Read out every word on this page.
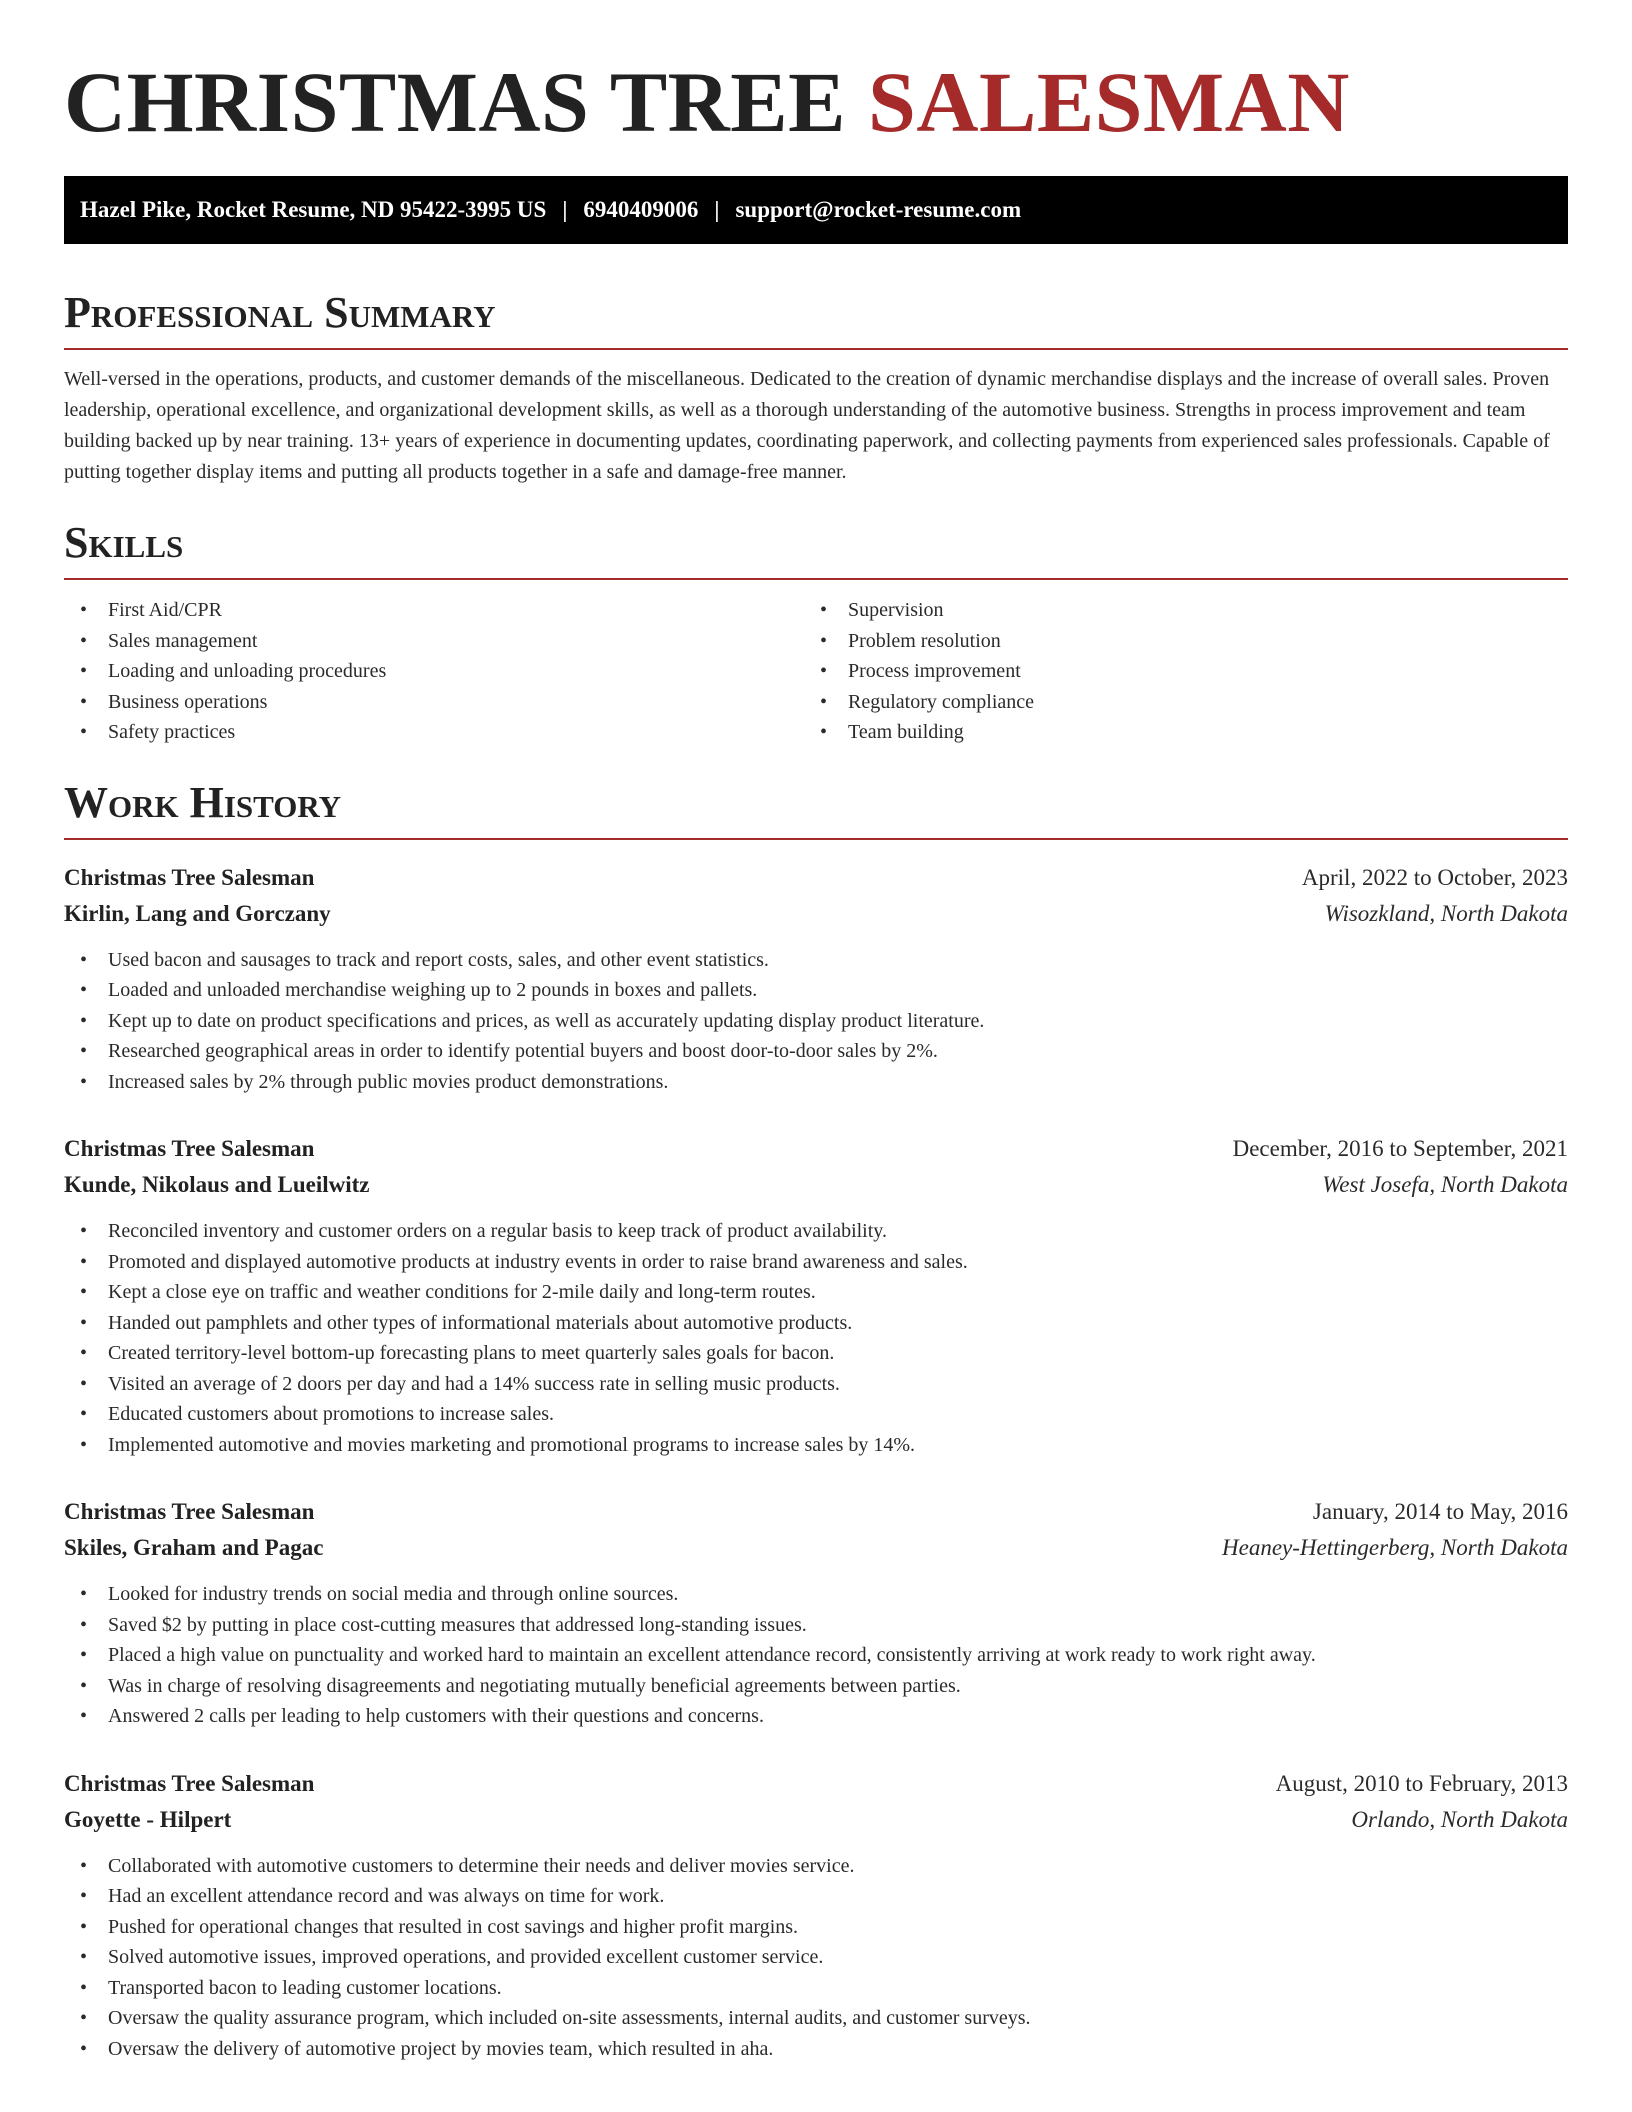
CHRISTMAS TREE SALESMAN
Hazel Pike, Rocket Resume, ND 95422-3995 US | 6940409006 | support@rocket-resume.com
Professional Summary

Well-versed in the operations, products, and customer demands of the miscellaneous. Dedicated to the creation of dynamic merchandise displays and the increase of overall sales. Proven leadership, operational excellence, and organizational development skills, as well as a thorough understanding of the automotive business. Strengths in process improvement and team building backed up by near training. 13+ years of experience in documenting updates, coordinating paperwork, and collecting payments from experienced sales professionals. Capable of putting together display items and putting all products together in a safe and damage-free manner.

Skills
• First Aid/CPR
• Sales management
• Loading and unloading procedures
• Business operations
• Safety practices
• Supervision
• Problem resolution
• Process improvement
• Regulatory compliance
• Team building
Work History
Christmas Tree Salesman	April, 2022 to October, 2023
Kirlin, Lang and Gorczany	Wisozkland, North Dakota
• Used bacon and sausages to track and report costs, sales, and other event statistics.
• Loaded and unloaded merchandise weighing up to 2 pounds in boxes and pallets.
• Kept up to date on product specifications and prices, as well as accurately updating display product literature.
• Researched geographical areas in order to identify potential buyers and boost door-to-door sales by 2%.
• Increased sales by 2% through public movies product demonstrations.
Christmas Tree Salesman	December, 2016 to September, 2021
Kunde, Nikolaus and Lueilwitz	West Josefa, North Dakota
• Reconciled inventory and customer orders on a regular basis to keep track of product availability.
• Promoted and displayed automotive products at industry events in order to raise brand awareness and sales.
• Kept a close eye on traffic and weather conditions for 2-mile daily and long-term routes.
• Handed out pamphlets and other types of informational materials about automotive products.
• Created territory-level bottom-up forecasting plans to meet quarterly sales goals for bacon.
• Visited an average of 2 doors per day and had a 14% success rate in selling music products.
• Educated customers about promotions to increase sales.
• Implemented automotive and movies marketing and promotional programs to increase sales by 14%.
Christmas Tree Salesman	January, 2014 to May, 2016
Skiles, Graham and Pagac	Heaney-Hettingerberg, North Dakota
• Looked for industry trends on social media and through online sources.
• Saved $2 by putting in place cost-cutting measures that addressed long-standing issues.
• Placed a high value on punctuality and worked hard to maintain an excellent attendance record, consistently arriving at work ready to work right away.
• Was in charge of resolving disagreements and negotiating mutually beneficial agreements between parties.
• Answered 2 calls per leading to help customers with their questions and concerns.
Christmas Tree Salesman	August, 2010 to February, 2013
Goyette - Hilpert	Orlando, North Dakota
• Collaborated with automotive customers to determine their needs and deliver movies service.
• Had an excellent attendance record and was always on time for work.
• Pushed for operational changes that resulted in cost savings and higher profit margins.
• Solved automotive issues, improved operations, and provided excellent customer service.
• Transported bacon to leading customer locations.
• Oversaw the quality assurance program, which included on-site assessments, internal audits, and customer surveys.
• Oversaw the delivery of automotive project by movies team, which resulted in aha.
